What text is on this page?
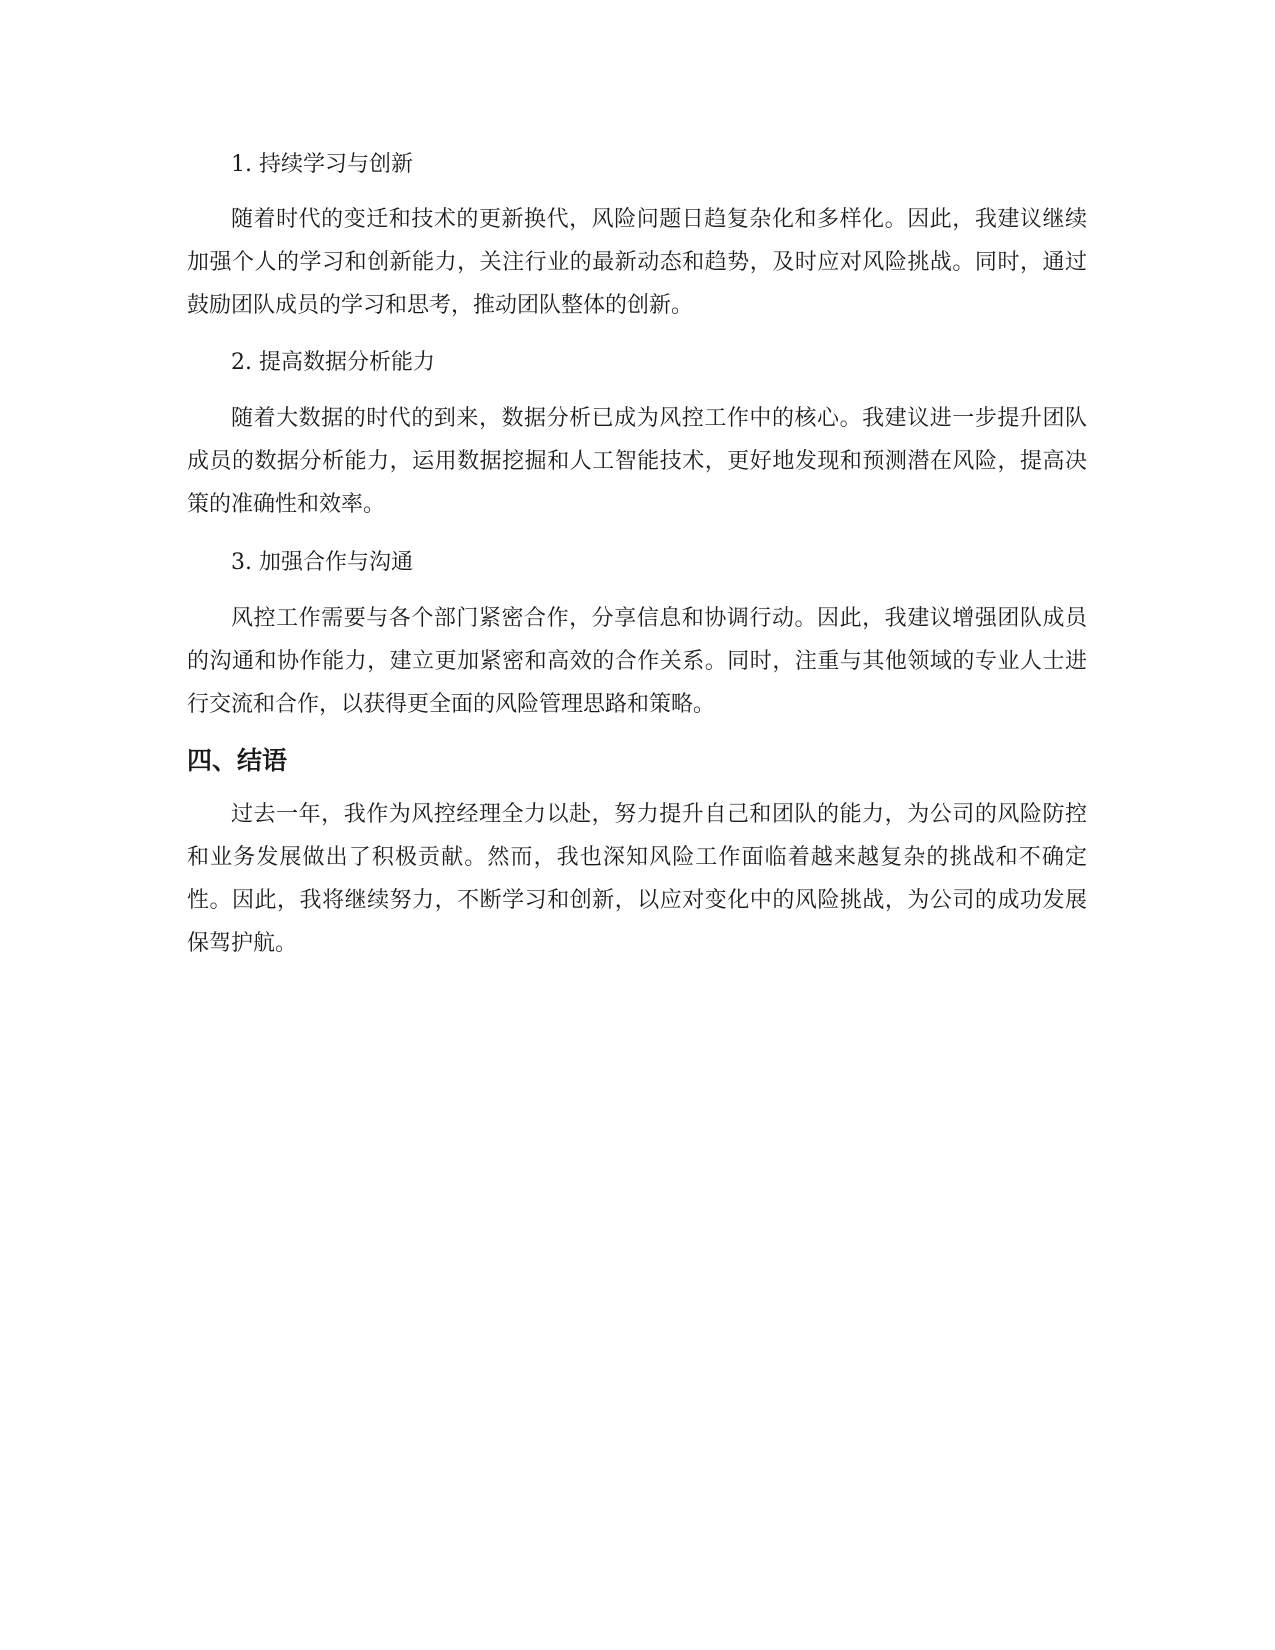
1. 持续学习与创新

随着时代的变迁和技术的更新换代，风险问题日趋复杂化和多样化。因此，我建议继续加强个人的学习和创新能力，关注行业的最新动态和趋势，及时应对风险挑战。同时，通过鼓励团队成员的学习和思考，推动团队整体的创新。

2. 提高数据分析能力

随着大数据的时代的到来，数据分析已成为风控工作中的核心。我建议进一步提升团队成员的数据分析能力，运用数据挖掘和人工智能技术，更好地发现和预测潜在风险，提高决策的准确性和效率。

3. 加强合作与沟通

风控工作需要与各个部门紧密合作，分享信息和协调行动。因此，我建议增强团队成员的沟通和协作能力，建立更加紧密和高效的合作关系。同时，注重与其他领域的专业人士进行交流和合作，以获得更全面的风险管理思路和策略。

四、结语

过去一年，我作为风控经理全力以赴，努力提升自己和团队的能力，为公司的风险防控和业务发展做出了积极贡献。然而，我也深知风险工作面临着越来越复杂的挑战和不确定性。因此，我将继续努力，不断学习和创新，以应对变化中的风险挑战，为公司的成功发展保驾护航。
